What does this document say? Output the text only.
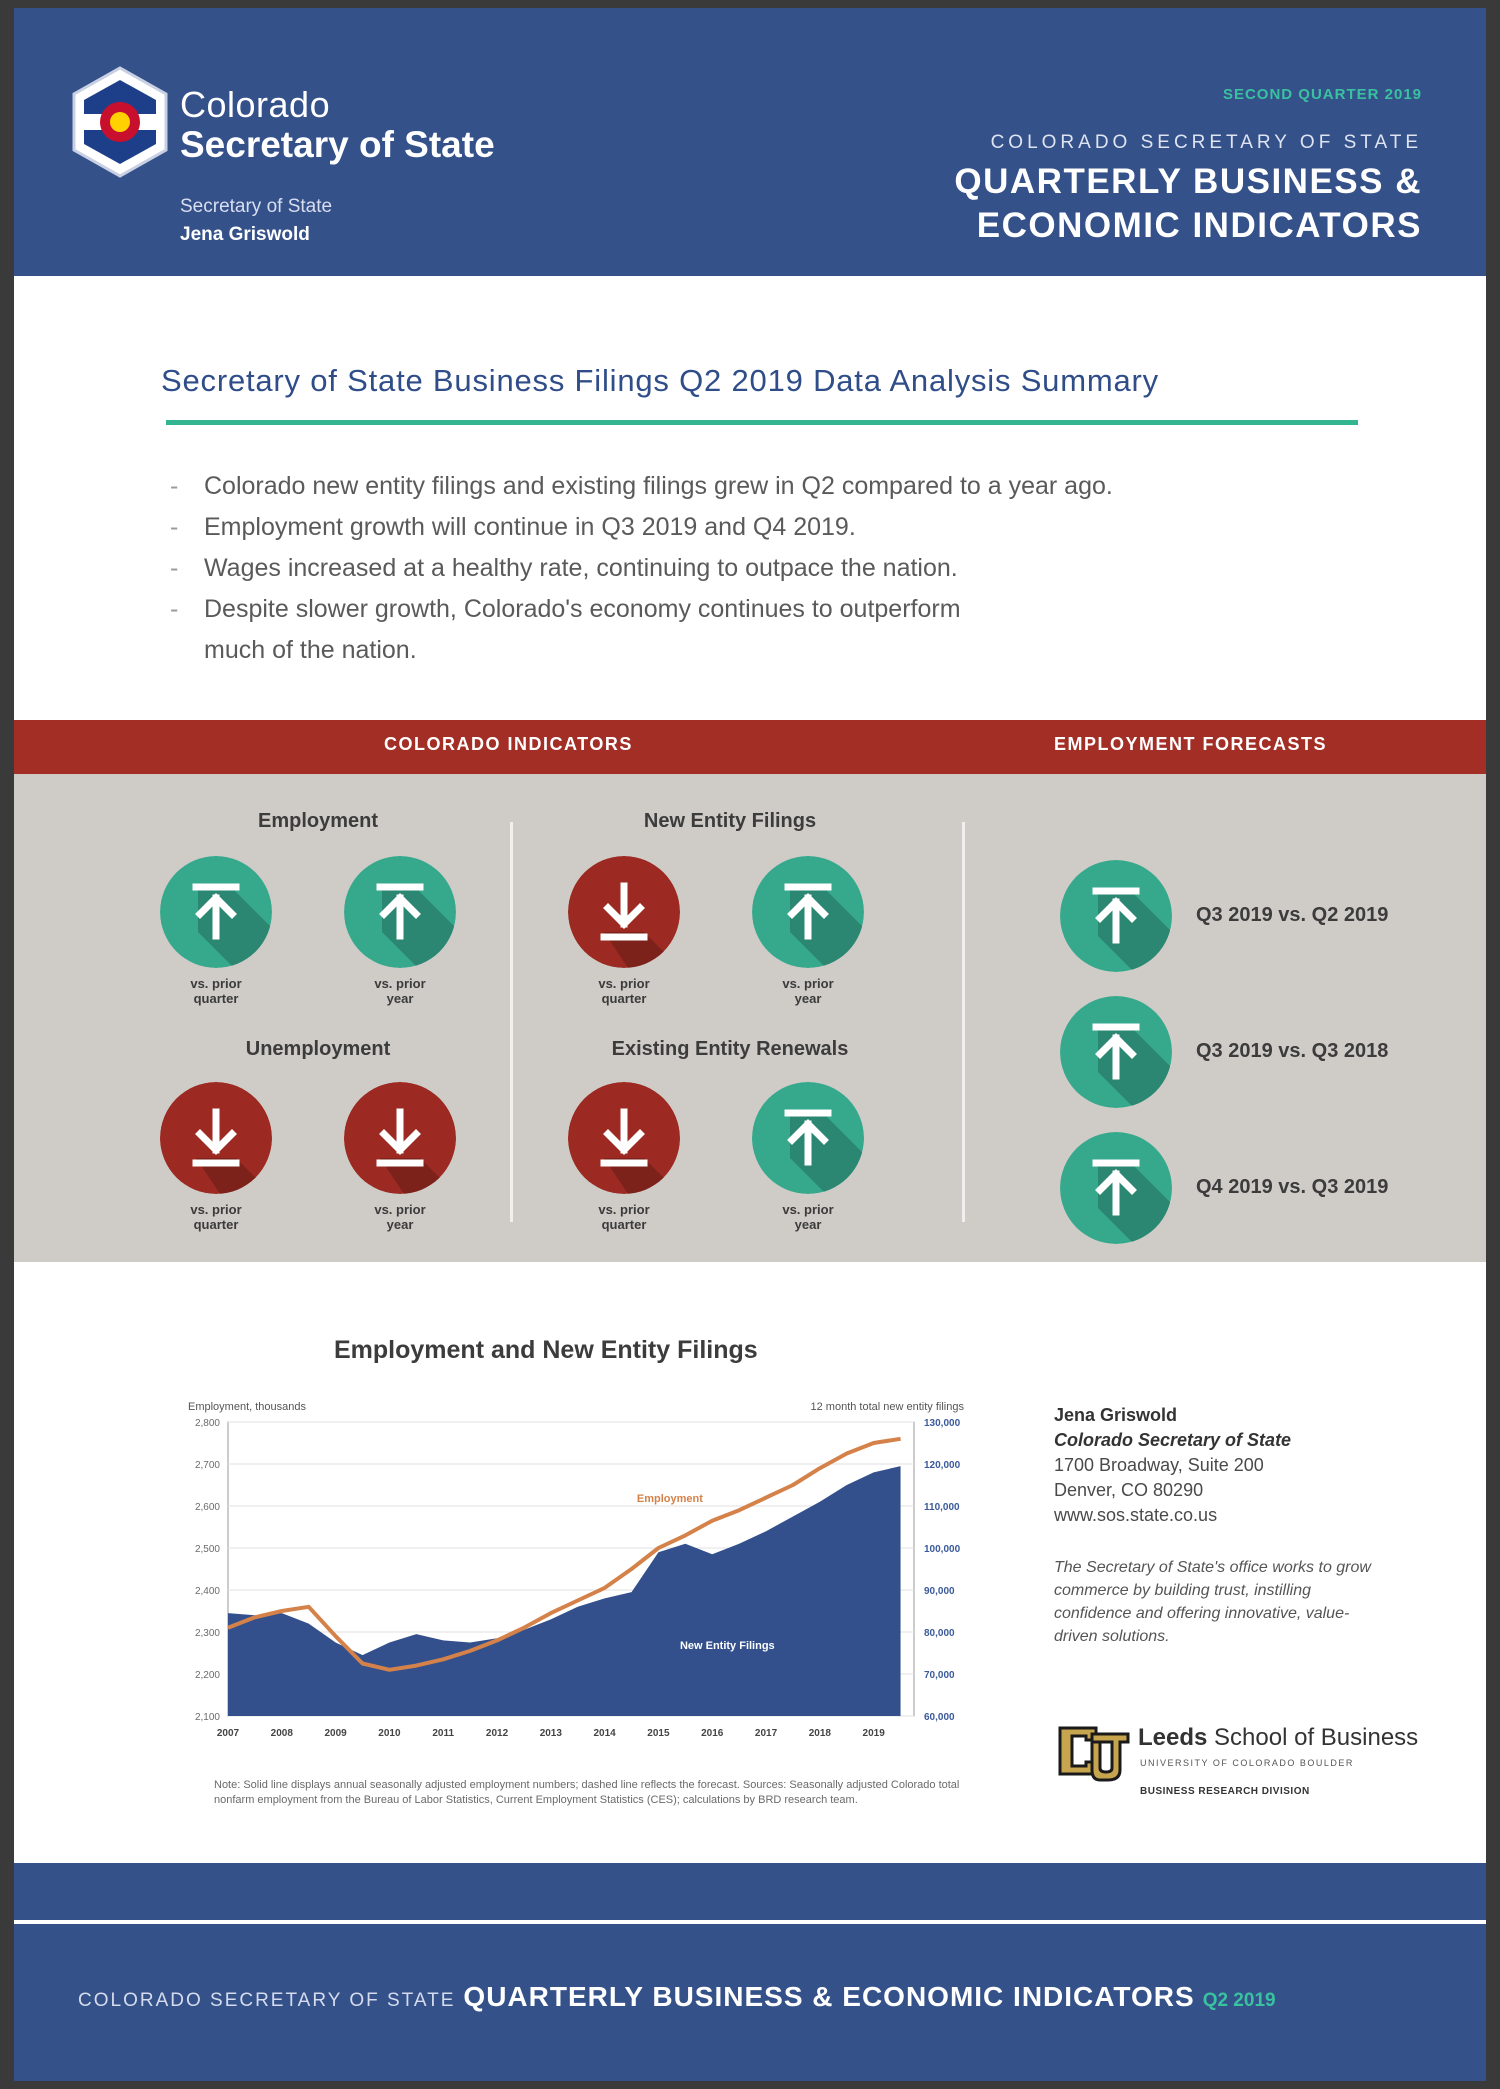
Colorado
Secretary of State
Secretary of State
Jena Griswold
SECOND QUARTER 2019
COLORADO SECRETARY OF STATE
QUARTERLY BUSINESS &
ECONOMIC INDICATORS
Secretary of State Business Filings Q2 2019 Data Analysis Summary
- Colorado new entity filings and existing filings grew in Q2 compared to a year ago.
- Employment growth will continue in Q3 2019 and Q4 2019.
- Wages increased at a healthy rate, continuing to outpace the nation.
- Despite slower growth, Colorado's economy continues to outperform much of the nation.
COLORADO INDICATORS	EMPLOYMENT FORECASTS
Employment	New Entity Filings
Unemployment	Existing Entity Renewals
vs. prior
quarter
vs. prior
year
vs. prior
quarter
vs. prior
year
vs. prior
quarter
vs. prior
year
vs. prior
quarter
vs. prior
year
Q3 2019 vs. Q2 2019
Q3 2019 vs. Q3 2018
Q4 2019 vs. Q3 2019
Employment and New Entity Filings
2,100	60,000
2,200	70,000
2,300	80,000
2,400	90,000
2,500	100,000
2,600	110,000
2,700	120,000
2,800	130,000
2007	2008	2009	2010	2011	2012	2013	2014	2015	2016	2017	2018	2019
Employment, thousands	12 month total new entity filings
Employment
New Entity Filings
Note: Solid line displays annual seasonally adjusted employment numbers; dashed line reflects the forecast. Sources: Seasonally adjusted Colorado total nonfarm employment from the Bureau of Labor Statistics, Current Employment Statistics (CES); calculations by BRD research team.
Jena Griswold
Colorado Secretary of State
1700 Broadway, Suite 200
Denver, CO 80290
www.sos.state.co.us
The Secretary of State's office works to grow commerce by building trust, instilling confidence and offering innovative, value-driven solutions.
Leeds School of Business
UNIVERSITY OF COLORADO BOULDER
BUSINESS RESEARCH DIVISION
COLORADO SECRETARY OF STATE QUARTERLY BUSINESS & ECONOMIC INDICATORS Q2 2019
